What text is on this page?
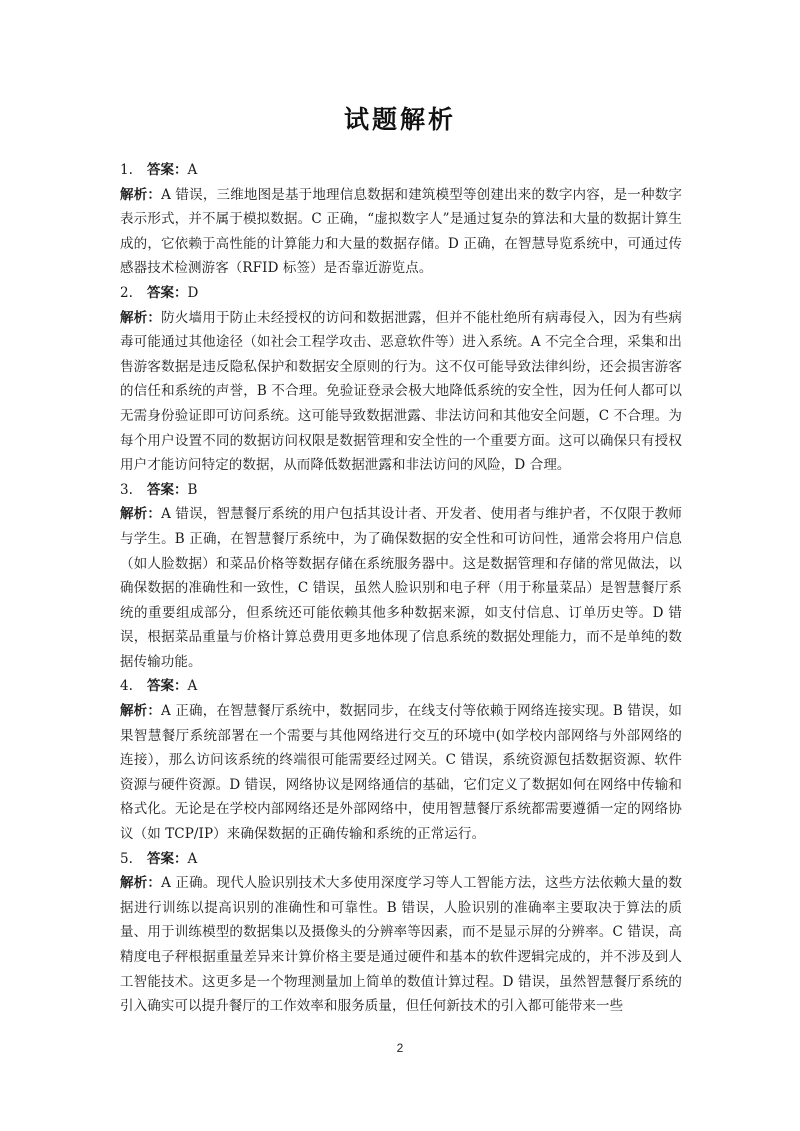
试题解析

1. 答案：A

解析：A 错误，三维地图是基于地理信息数据和建筑模型等创建出来的数字内容，是一种数字表示形式，并不属于模拟数据。C 正确，“虚拟数字人”是通过复杂的算法和大量的数据计算生成的，它依赖于高性能的计算能力和大量的数据存储。D 正确，在智慧导览系统中，可通过传感器技术检测游客（RFID 标签）是否靠近游览点。

2. 答案：D

解析：防火墙用于防止未经授权的访问和数据泄露，但并不能杜绝所有病毒侵入，因为有些病毒可能通过其他途径（如社会工程学攻击、恶意软件等）进入系统。A 不完全合理，采集和出售游客数据是违反隐私保护和数据安全原则的行为。这不仅可能导致法律纠纷，还会损害游客的信任和系统的声誉，B 不合理。免验证登录会极大地降低系统的安全性，因为任何人都可以无需身份验证即可访问系统。这可能导致数据泄露、非法访问和其他安全问题，C 不合理。为每个用户设置不同的数据访问权限是数据管理和安全性的一个重要方面。这可以确保只有授权用户才能访问特定的数据，从而降低数据泄露和非法访问的风险，D 合理。

3. 答案：B

解析：A 错误，智慧餐厅系统的用户包括其设计者、开发者、使用者与维护者，不仅限于教师与学生。B 正确，在智慧餐厅系统中，为了确保数据的安全性和可访问性，通常会将用户信息（如人脸数据）和菜品价格等数据存储在系统服务器中。这是数据管理和存储的常见做法，以确保数据的准确性和一致性，C 错误，虽然人脸识别和电子秤（用于称量菜品）是智慧餐厅系统的重要组成部分，但系统还可能依赖其他多种数据来源，如支付信息、订单历史等。D 错误，根据菜品重量与价格计算总费用更多地体现了信息系统的数据处理能力，而不是单纯的数据传输功能。

4. 答案：A

解析：A 正确，在智慧餐厅系统中，数据同步，在线支付等依赖于网络连接实现。B 错误，如果智慧餐厅系统部署在一个需要与其他网络进行交互的环境中(如学校内部网络与外部网络的连接），那么访问该系统的终端很可能需要经过网关。C 错误，系统资源包括数据资源、软件资源与硬件资源。D 错误，网络协议是网络通信的基础，它们定义了数据如何在网络中传输和格式化。无论是在学校内部网络还是外部网络中，使用智慧餐厅系统都需要遵循一定的网络协议（如 TCP/IP）来确保数据的正确传输和系统的正常运行。

5. 答案：A

解析：A 正确。现代人脸识别技术大多使用深度学习等人工智能方法，这些方法依赖大量的数据进行训练以提高识别的准确性和可靠性。B 错误，人脸识别的准确率主要取决于算法的质量、用于训练模型的数据集以及摄像头的分辨率等因素，而不是显示屏的分辨率。C 错误，高精度电子秤根据重量差异来计算价格主要是通过硬件和基本的软件逻辑完成的，并不涉及到人工智能技术。这更多是一个物理测量加上简单的数值计算过程。D 错误，虽然智慧餐厅系统的引入确实可以提升餐厅的工作效率和服务质量，但任何新技术的引入都可能带来一些

2
